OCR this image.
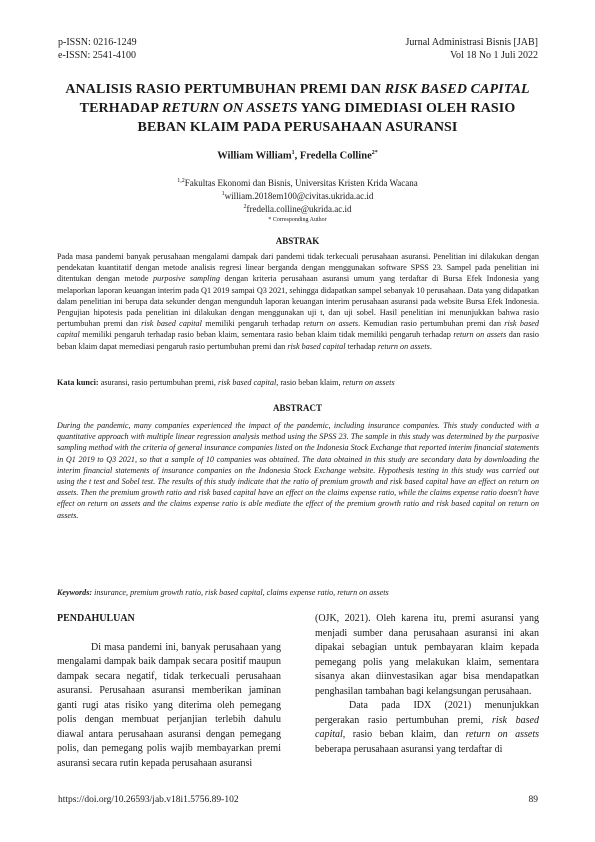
p-ISSN: 0216-1249
e-ISSN: 2541-4100
Jurnal Administrasi Bisnis [JAB]
Vol 18 No 1 Juli 2022
ANALISIS RASIO PERTUMBUHAN PREMI DAN RISK BASED CAPITAL
TERHADAP RETURN ON ASSETS YANG DIMEDIASI OLEH RASIO
BEBAN KLAIM PADA PERUSAHAAN ASURANSI
William William$^1$, Fredella Colline$^{2*}$
$^{1,2}$Fakultas Ekonomi dan Bisnis, Universitas Kristen Krida Wacana
$^1$william.2018em100@civitas.ukrida.ac.id
$^2$fredella.colline@ukrida.ac.id
* Corresponding Author
ABSTRAK
Pada masa pandemi banyak perusahaan mengalami dampak dari pandemi tidak terkecuali perusahaan asuransi. Penelitian ini dilakukan dengan pendekatan kuantitatif dengan metode analisis regresi linear berganda dengan menggunakan software SPSS 23. Sampel pada penelitian ini ditentukan dengan metode purposive sampling dengan kriteria perusahaan asuransi umum yang terdaftar di Bursa Efek Indonesia yang melaporkan laporan keuangan interim pada Q1 2019 sampai Q3 2021, sehingga didapatkan sampel sebanyak 10 perusahaan. Data yang didapatkan dalam penelitian ini berupa data sekunder dengan mengunduh laporan keuangan interim perusahaan asuransi pada website Bursa Efek Indonesia. Pengujian hipotesis pada penelitian ini dilakukan dengan menggunakan uji t, dan uji sobel. Hasil penelitian ini menunjukkan bahwa rasio pertumbuhan premi dan risk based capital memiliki pengaruh terhadap return on assets. Kemudian rasio pertumbuhan premi dan risk based capital memiliki pengaruh terhadap rasio beban klaim, sementara rasio beban klaim tidak memiliki pengaruh terhadap return on assets dan rasio beban klaim dapat memediasi pengaruh rasio pertumbuhan premi dan risk based capital terhadap return on assets.
Kata kunci: asuransi, rasio pertumbuhan premi, risk based capital, rasio beban klaim, return on assets
ABSTRACT
During the pandemic, many companies experienced the impact of the pandemic, including insurance companies. This study conducted with a quantitative approach with multiple linear regression analysis method using the SPSS 23. The sample in this study was determined by the purposive sampling method with the criteria of general insurance companies listed on the Indonesia Stock Exchange that reported interim financial statements in Q1 2019 to Q3 2021, so that a sample of 10 companies was obtained. The data obtained in this study are secondary data by downloading the interim financial statements of insurance companies on the Indonesia Stock Exchange website. Hypothesis testing in this study was carried out using the t test and Sobel test. The results of this study indicate that the ratio of premium growth and risk based capital have an effect on return on assets. Then the premium growth ratio and risk based capital have an effect on the claims expense ratio, while the claims expense ratio doesn't have effect on return on assets and the claims expense ratio is able mediate the effect of the premium growth ratio and risk based capital on return on assets.
Keywords: insurance, premium growth ratio, risk based capital, claims expense ratio, return on assets
PENDAHULUAN

Di masa pandemi ini, banyak perusahaan yang mengalami dampak baik dampak secara positif maupun dampak secara negatif, tidak terkecuali perusahaan asuransi. Perusahaan asuransi memberikan jaminan ganti rugi atas risiko yang diterima oleh pemegang polis dengan membuat perjanjian terlebih dahulu diawal antara perusahaan asuransi dengan pemegang polis, dan pemegang polis wajib membayarkan premi asuransi secara rutin kepada perusahaan asuransi

(OJK, 2021). Oleh karena itu, premi asuransi yang menjadi sumber dana perusahaan asuransi ini akan dipakai sebagian untuk pembayaran klaim kepada pemegang polis yang melakukan klaim, sementara sisanya akan diinvestasikan agar bisa mendapatkan penghasilan tambahan bagi kelangsungan perusahaan.

Data pada IDX (2021) menunjukkan pergerakan rasio pertumbuhan premi, risk based capital, rasio beban klaim, dan return on assets beberapa perusahaan asuransi yang terdaftar di

https://doi.org/10.26593/jab.v18i1.5756.89-102	89
